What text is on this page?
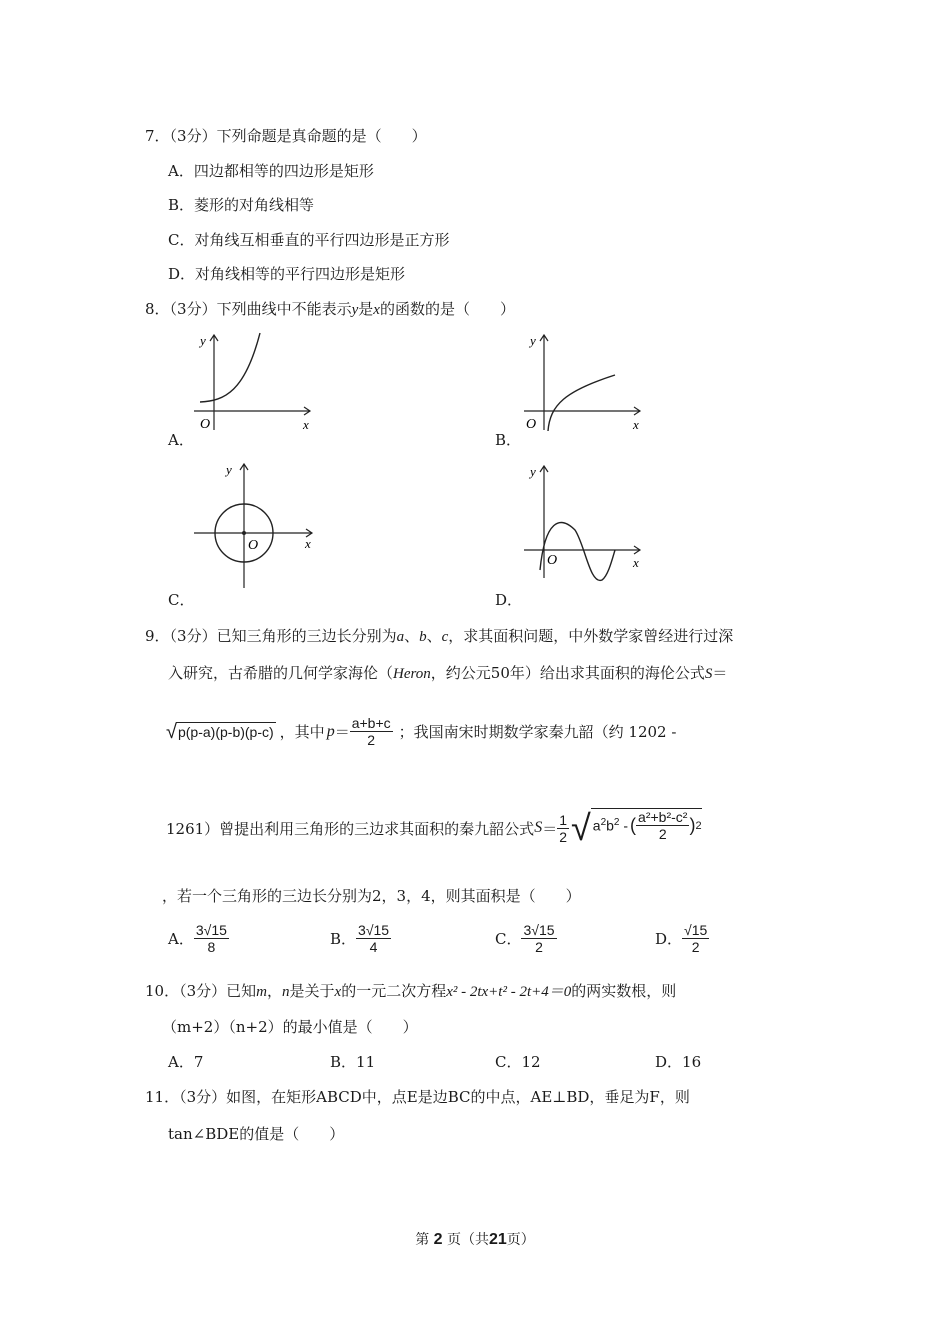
7．（3分）下列命题是真命题的是（　　）
A．四边都相等的四边形是矩形
B．菱形的对角线相等
C．对角线互相垂直的平行四边形是正方形
D．对角线相等的平行四边形是矩形
8．（3分）下列曲线中不能表示y是x的函数的是（　　）
y
O	x
A．
y
O	x
B．
y
O	x
C．
y
O	x
D．
9．（3分）已知三角形的三边长分别为a、b、c，求其面积问题，中外数学家曾经进行过深
入研究，古希腊的几何学家海伦（Heron，约公元50年）给出求其面积的海伦公式S＝
√ p(p-a)(p-b)(p-c) ，其中 $p = \frac{a+b+c}{2}$ ；我国南宋时期数学家秦九韶（约 1202 -
1261）曾提出利用三角形的三边求其面积的秦九韶公式 $S = \frac{1}{2}$ √ $a^2b^2$ - ( $\frac{\text{a²+b²-c²}}{2}$ ) 2
，若一个三角形的三边长分别为2，3，4，则其面积是（　　）
A． $\frac{3√15}{8}$	B． $\frac{3√15}{4}$	C． $\frac{3√15}{2}$	D． $\frac{√15}{2}$
10．（3分）已知m，n是关于x的一元二次方程x² - 2tx+t² - 2t+4＝0的两实数根，则
（m+2）（n+2）的最小值是（　　）
A．7	B．11	C．12	D．16
11．（3分）如图，在矩形ABCD中，点E是边BC的中点，AE⊥BD，垂足为F，则
tan∠BDE的值是（　　）
第 2 页（共21页）
